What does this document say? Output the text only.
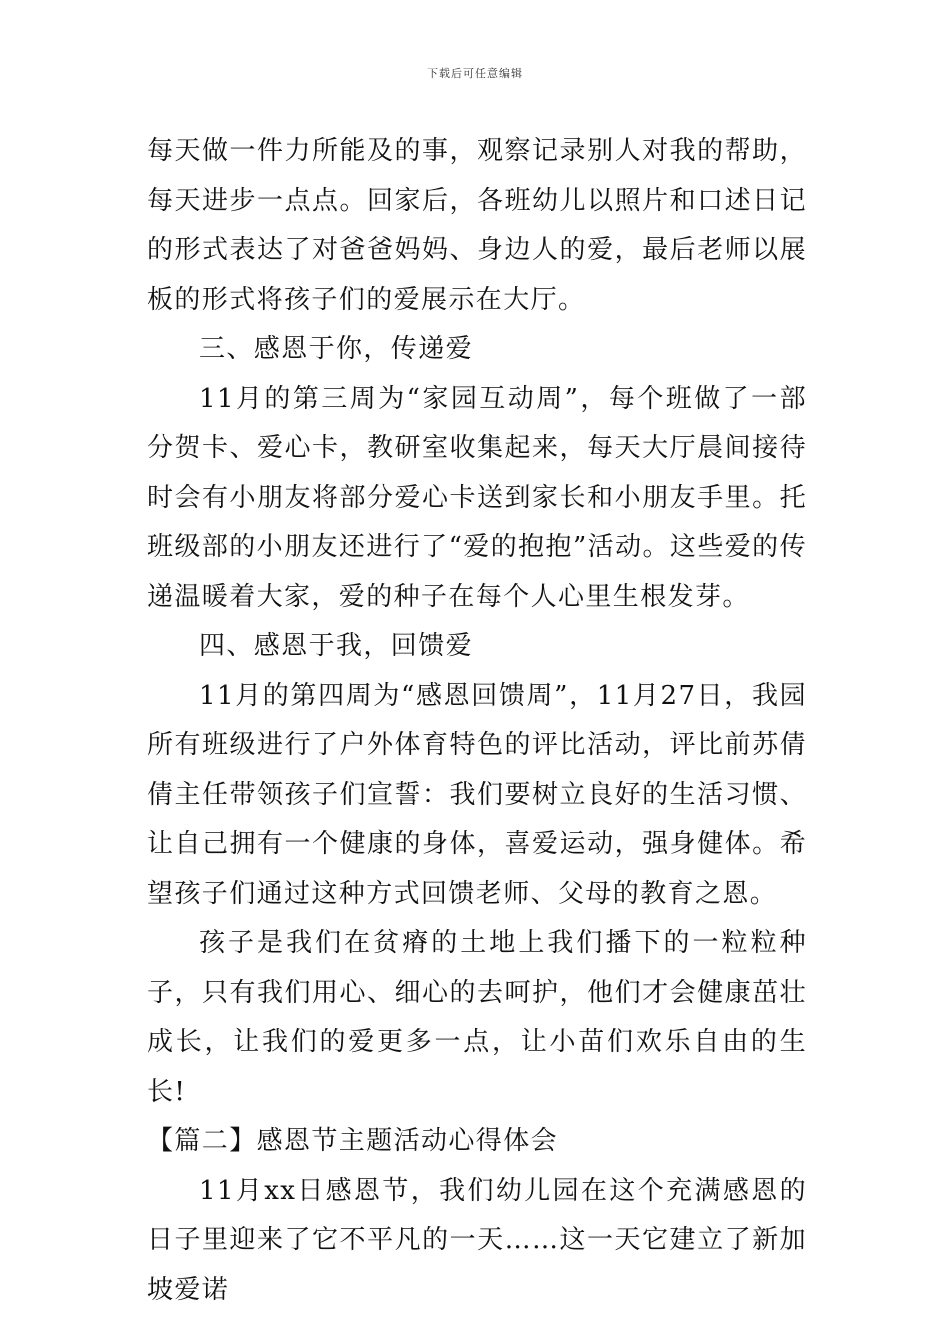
下载后可任意编辑

每天做一件力所能及的事，观察记录别人对我的帮助，每天进步一点点。回家后，各班幼儿以照片和口述日记的形式表达了对爸爸妈妈、身边人的爱，最后老师以展板的形式将孩子们的爱展示在大厅。

三、感恩于你，传递爱

11月的第三周为“家园互动周”，每个班做了一部分贺卡、爱心卡，教研室收集起来，每天大厅晨间接待时会有小朋友将部分爱心卡送到家长和小朋友手里。托班级部的小朋友还进行了“爱的抱抱”活动。这些爱的传递温暖着大家，爱的种子在每个人心里生根发芽。

四、感恩于我，回馈爱

11月的第四周为“感恩回馈周”，11月27日，我园所有班级进行了户外体育特色的评比活动，评比前苏倩倩主任带领孩子们宣誓：我们要树立良好的生活习惯、让自己拥有一个健康的身体，喜爱运动，强身健体。希望孩子们通过这种方式回馈老师、父母的教育之恩。

孩子是我们在贫瘠的土地上我们播下的一粒粒种子，只有我们用心、细心的去呵护，他们才会健康茁壮成长，让我们的爱更多一点，让小苗们欢乐自由的生长!

【篇二】感恩节主题活动心得体会

11月xx日感恩节，我们幼儿园在这个充满感恩的日子里迎来了它不平凡的一天……这一天它建立了新加坡爱诺
